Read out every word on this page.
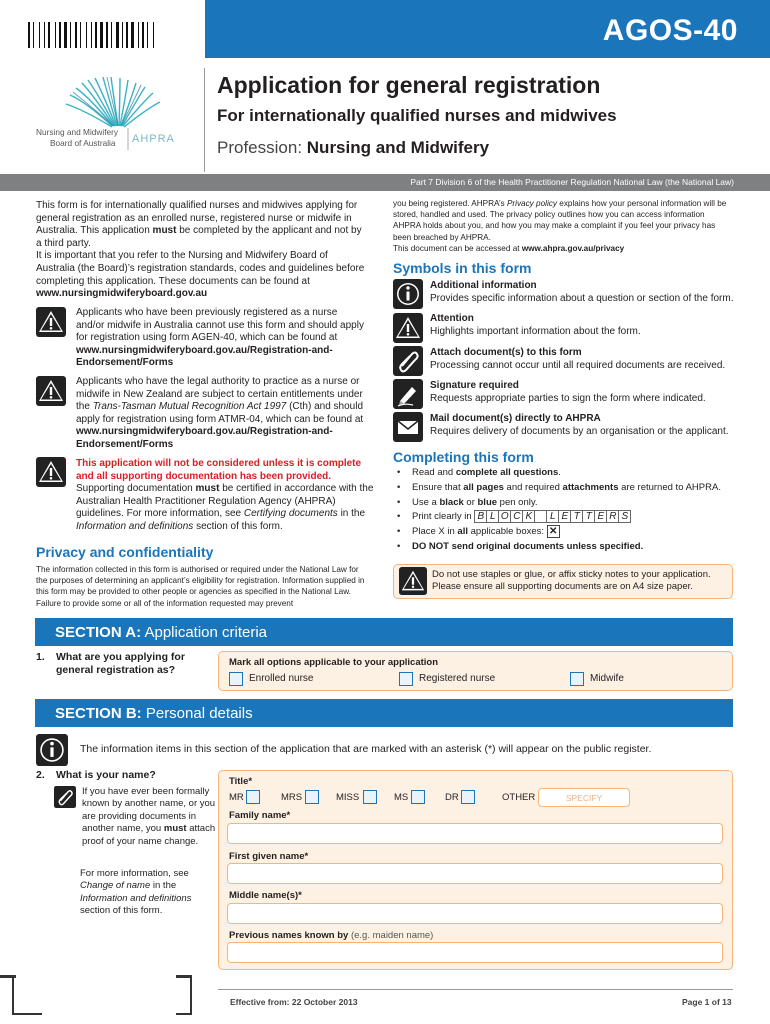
AGOS-40
Nursing and Midwifery
Board of Australia AHPRA
Application for general registration
For internationally qualified nurses and midwives
Profession: Nursing and Midwifery
Part 7 Division 6 of the Health Practitioner Regulation National Law (the National Law)
This form is for internationally qualified nurses and midwives applying for general registration as an enrolled nurse, registered nurse or midwife in Australia. This application must be completed by the applicant and not by a third party.
It is important that you refer to the Nursing and Midwifery Board of Australia (the Board)’s registration standards, codes and guidelines before completing this application. These documents can be found at
www.nursingmidwiferyboard.gov.au
Applicants who have been previously registered as a nurse and/or midwife in Australia cannot use this form and should apply for registration using form AGEN-40, which can be found at www.nursingmidwiferyboard.gov.au/Registration-and-Endorsement/Forms
Applicants who have the legal authority to practice as a nurse or midwife in New Zealand are subject to certain entitlements under the Trans-Tasman Mutual Recognition Act 1997 (Cth) and should apply for registration using form ATMR-04, which can be found at www.nursingmidwiferyboard.gov.au/Registration-and-Endorsement/Forms
This application will not be considered unless it is complete and all supporting documentation has been provided.
Supporting documentation must be certified in accordance with the Australian Health Practitioner Regulation Agency (AHPRA) guidelines. For more information, see Certifying documents in the Information and definitions section of this form.
Privacy and confidentiality
The information collected in this form is authorised or required under the National Law for the purposes of determining an applicant’s eligibility for registration. Information supplied in this form may be provided to other people or agencies as specified in the National Law. Failure to provide some or all of the information requested may prevent
you being registered. AHPRA’s Privacy policy explains how your personal information will be stored, handled and used. The privacy policy outlines how you can access information AHPRA holds about you, and how you may make a complaint if you feel your privacy has been breached by AHPRA.
This document can be accessed at www.ahpra.gov.au/privacy
Symbols in this form
Additional information
Provides specific information about a question or section of the form.
Attention
Highlights important information about the form.
Attach document(s) to this form
Processing cannot occur until all required documents are received.
Signature required
Requests appropriate parties to sign the form where indicated.
Mail document(s) directly to AHPRA
Requires delivery of documents by an organisation or the applicant.
Completing this form
• Read and complete all questions.
• Ensure that all pages and required attachments are returned to AHPRA.
• Use a black or blue pen only.
• Print clearly in B L O C K L E T T E R S
• Place X in all applicable boxes: ✕
• DO NOT send original documents unless specified.
Do not use staples or glue, or affix sticky notes to your application. Please ensure all supporting documents are on A4 size paper.
SECTION A: Application criteria
1. What are you applying for general registration as?
Mark all options applicable to your application
Enrolled nurse	Registered nurse	Midwife
SECTION B: Personal details
The information items in this section of the application that are marked with an asterisk (*) will appear on the public register.
2. What is your name?
If you have ever been formally known by another name, or you are providing documents in another name, you must attach proof of your name change.
For more information, see Change of name in the Information and definitions section of this form.
Title*
MR	MRS	MISS	MS	DR	OTHER	SPECIFY
Family name*
First given name*
Middle name(s)*
Previous names known by (e.g. maiden name)
Effective from: 22 October 2013	Page 1 of 13
